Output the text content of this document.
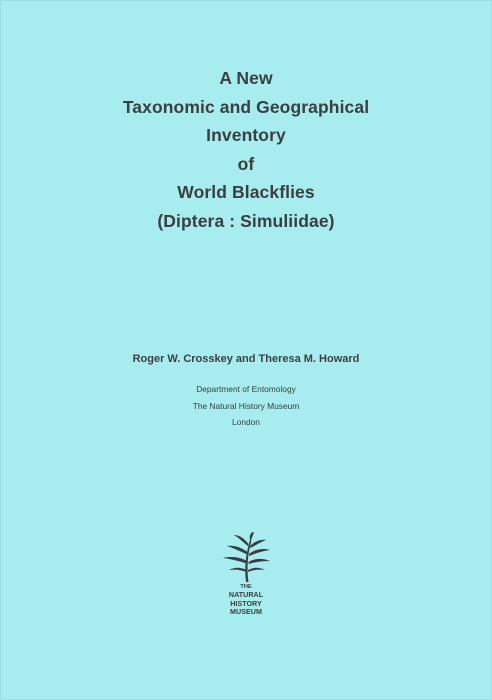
A New
Taxonomic and Geographical
Inventory
of
World Blackflies
(Diptera : Simuliidae)
Roger W. Crosskey and Theresa M. Howard
Department of Entomology
The Natural History Museum
London
THE
NATURAL
HISTORY
MUSEUM
